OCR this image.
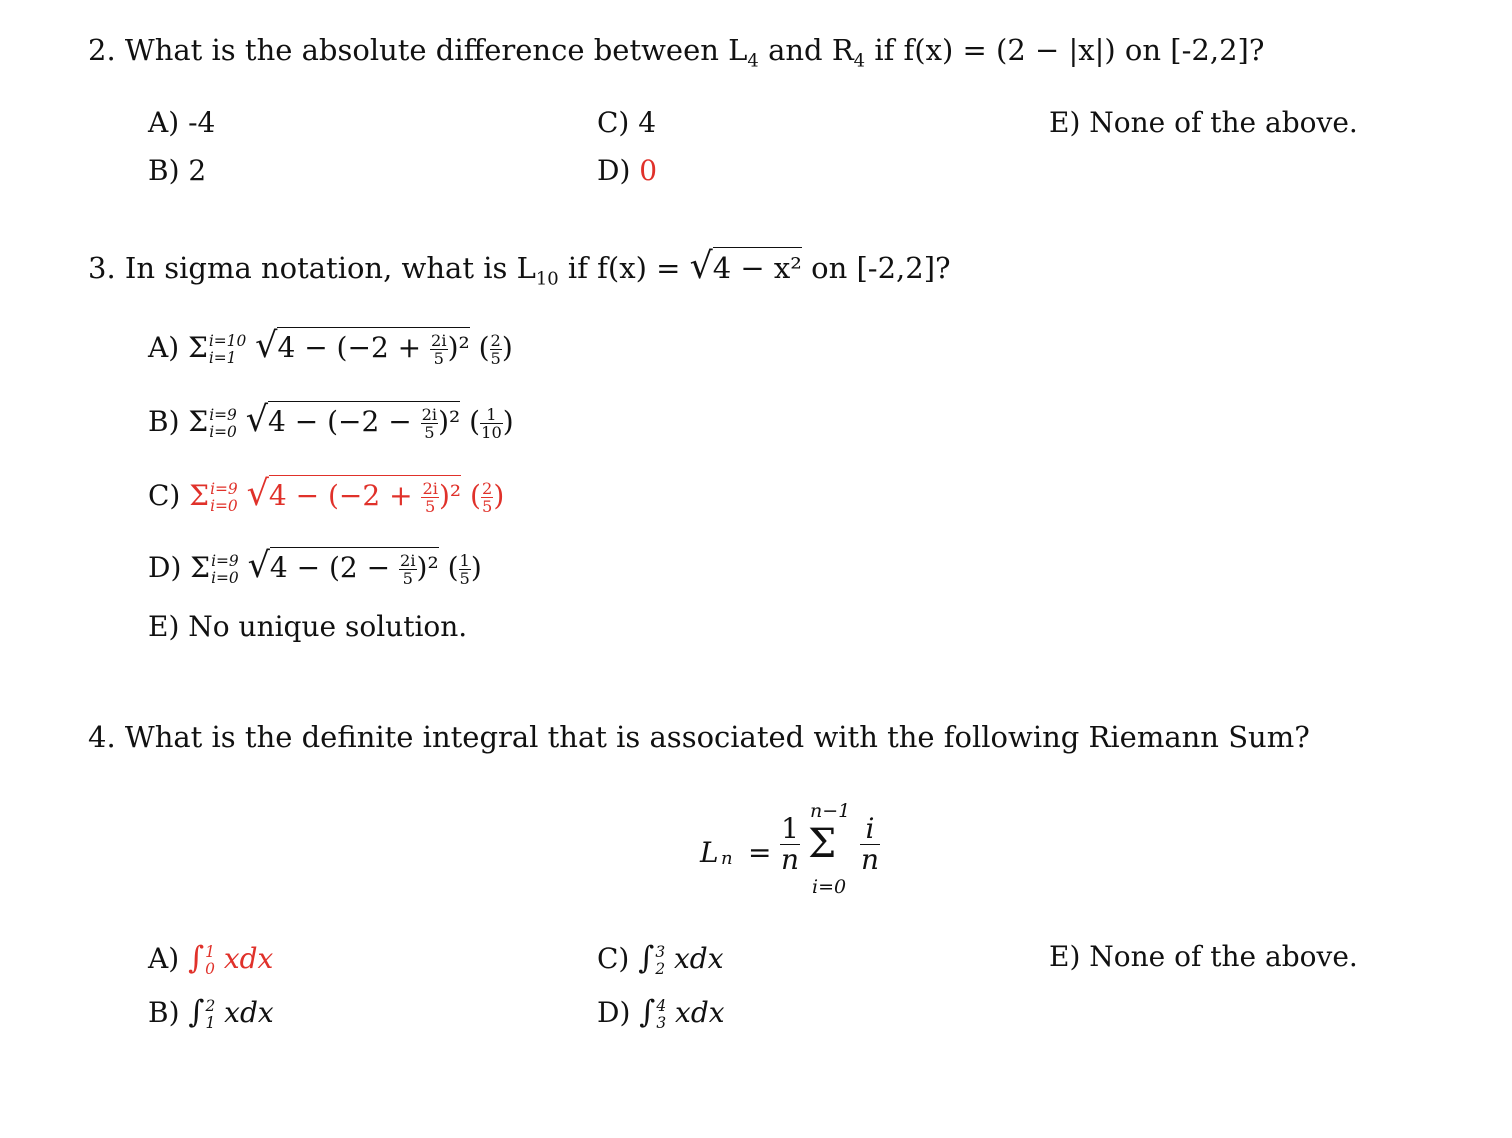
2. What is the absolute difference between $L_4$ and $R_4$ if f(x) = (2 − |x|) on [-2,2]?
A) -4
B) 2
C) 4
D) 0
E) None of the above.
3. In sigma notation, what is $L_{10}$ if f(x) = √4 − x² on [-2,2]?
A) Σ i=10
i=1 $√4 - (-2 + \frac{2i}{5} )^2$ ( $\frac{2}{5}$ )
B) Σ i=9
i=0 $√4 - (-2 - \frac{2i}{5} )^2$ ( $\frac{1}{10}$ )
C) Σ i=9
i=0 $√4 - (-2 + \frac{2i}{5} )^2$ ( $\frac{2}{5}$ )
D) Σ i=9
i=0 $√4 - (2 - \frac{2i}{5} )^2$ ( $\frac{1}{5}$ )
E) No unique solution.
4. What is the definite integral that is associated with the following Riemann Sum?
L $n = \frac{1}{n}$
n−1
Σ
i=0
$\frac{i}{n}$
A) ∫ 1
0 xdx
B) ∫ 2
1 xdx
C) ∫ 3
2 xdx
D) ∫ 4
3 xdx
E) None of the above.
